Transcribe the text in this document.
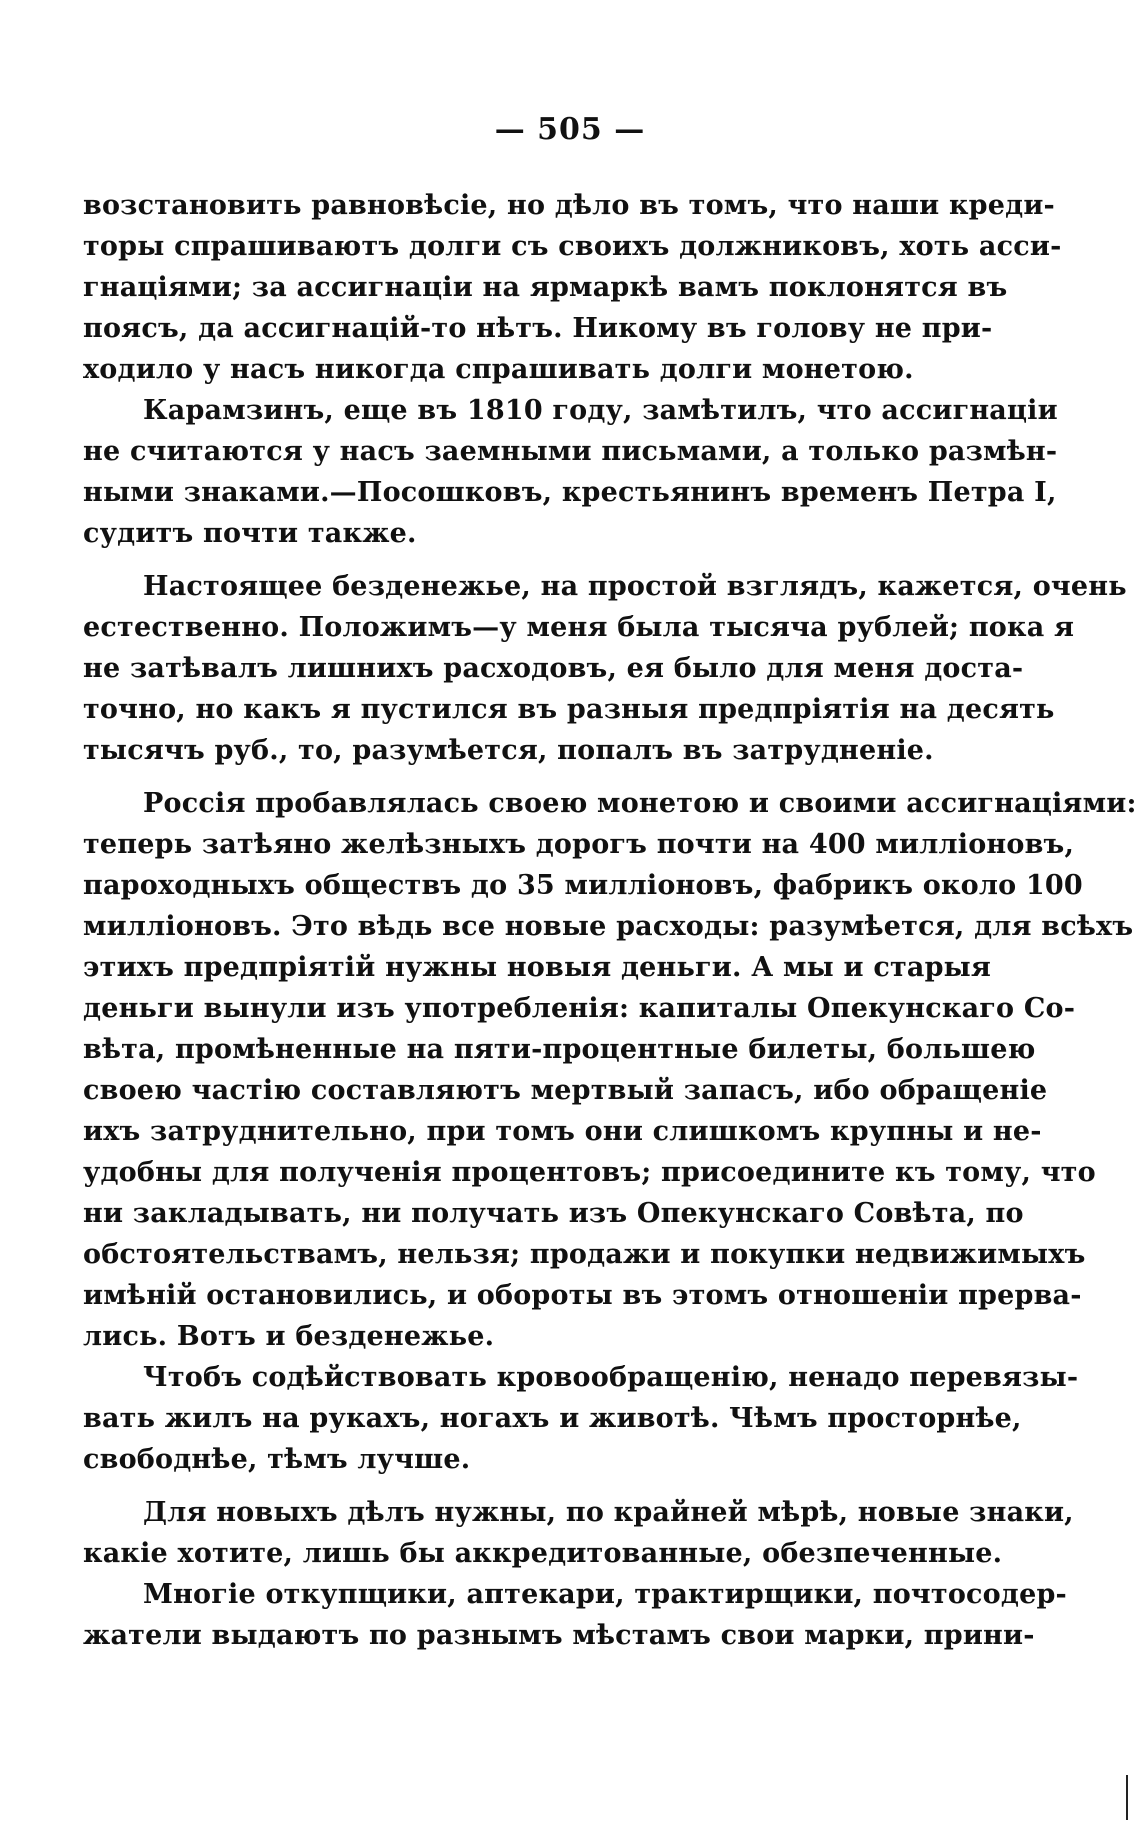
— 505 —
возстановить равновѣсіе, но дѣло въ томъ, что наши креди-
торы спрашиваютъ долги съ своихъ должниковъ, хоть асси-
гнаціями; за ассигнаціи на ярмаркѣ вамъ поклонятся въ
поясъ, да ассигнацій-то нѣтъ. Никому въ голову не при-
ходило у насъ никогда спрашивать долги монетою.
Карамзинъ, еще въ 1810 году, замѣтилъ, что ассигнаціи
не считаются у насъ заемными письмами, а только размѣн-
ными знаками.—Посошковъ, крестьянинъ временъ Петра I,
судитъ почти также.
Настоящее безденежье, на простой взглядъ, кажется, очень
естественно. Положимъ—у меня была тысяча рублей; пока я
не затѣвалъ лишнихъ расходовъ, ея было для меня доста-
точно, но какъ я пустился въ разныя предпріятія на десять
тысячъ руб., то, разумѣется, попалъ въ затрудненіе.
Россія пробавлялась своею монетою и своими ассигнаціями:
теперь затѣяно желѣзныхъ дорогъ почти на 400 милліоновъ,
пароходныхъ обществъ до 35 милліоновъ, фабрикъ около 100
милліоновъ. Это вѣдь все новые расходы: разумѣется, для всѣхъ
этихъ предпріятій нужны новыя деньги. А мы и старыя
деньги вынули изъ употребленія: капиталы Опекунскаго Со-
вѣта, промѣненные на пяти-процентные билеты, большею
своею частію составляютъ мертвый запасъ, ибо обращеніе
ихъ затруднительно, при томъ они слишкомъ крупны и не-
удобны для полученія процентовъ; присоедините къ тому, что
ни закладывать, ни получать изъ Опекунскаго Совѣта, по
обстоятельствамъ, нельзя; продажи и покупки недвижимыхъ
имѣній остановились, и обороты въ этомъ отношеніи прерва-
лись. Вотъ и безденежье.
Чтобъ содѣйствовать кровообращенію, ненадо перевязы-
вать жилъ на рукахъ, ногахъ и животѣ. Чѣмъ просторнѣе,
свободнѣе, тѣмъ лучше.
Для новыхъ дѣлъ нужны, по крайней мѣрѣ, новые знаки,
какіе хотите, лишь бы аккредитованные, обезпеченные.
Многіе откупщики, аптекари, трактирщики, почтосодер-
жатели выдаютъ по разнымъ мѣстамъ свои марки, прини-
